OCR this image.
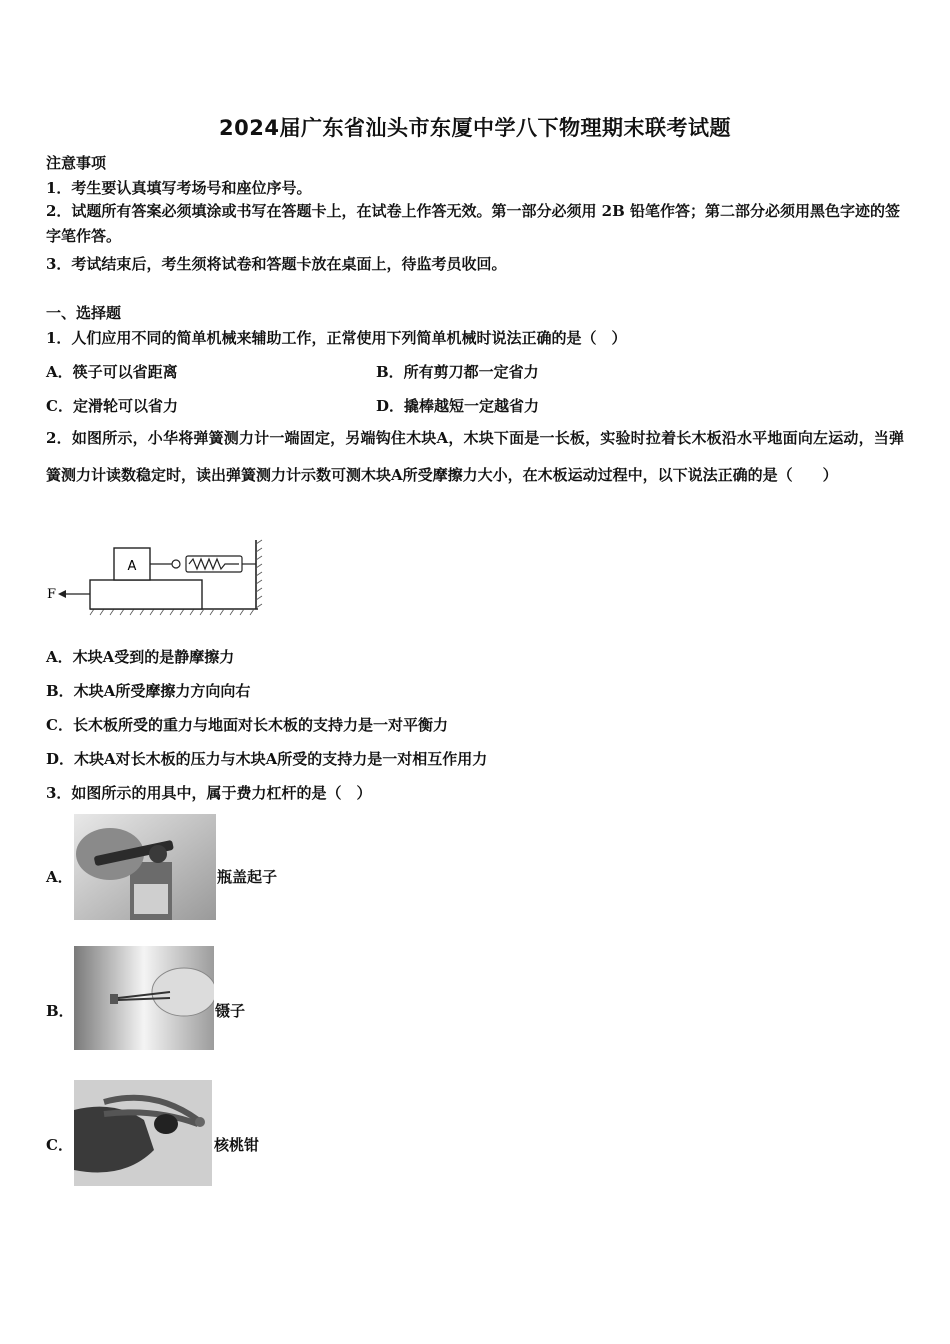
2024届广东省汕头市东厦中学八下物理期末联考试题
注意事项
1．考生要认真填写考场号和座位序号。
2．试题所有答案必须填涂或书写在答题卡上，在试卷上作答无效。第一部分必须用 2B 铅笔作答；第二部分必须用黑色字迹的签字笔作答。
3．考试结束后，考生须将试卷和答题卡放在桌面上，待监考员收回。
一、选择题
1．人们应用不同的简单机械来辅助工作，正常使用下列简单机械时说法正确的是（　）
A．筷子可以省距离	B．所有剪刀都一定省力
C．定滑轮可以省力	D．撬棒越短一定越省力
2．如图所示，小华将弹簧测力计一端固定，另端钩住木块A，木块下面是一长板，实验时拉着长木板沿水平地面向左运动，当弹簧测力计读数稳定时，读出弹簧测力计示数可测木块A所受摩擦力大小，在木板运动过程中，以下说法正确的是（　　）
A
F
A．木块A受到的是静摩擦力
B．木块A所受摩擦力方向向右
C．长木板所受的重力与地面对长木板的支持力是一对平衡力
D．木块A对长木板的压力与木块A所受的支持力是一对相互作用力
3．如图所示的用具中，属于费力杠杆的是（　）
A．	瓶盖起子
B．	镊子
C．	核桃钳
